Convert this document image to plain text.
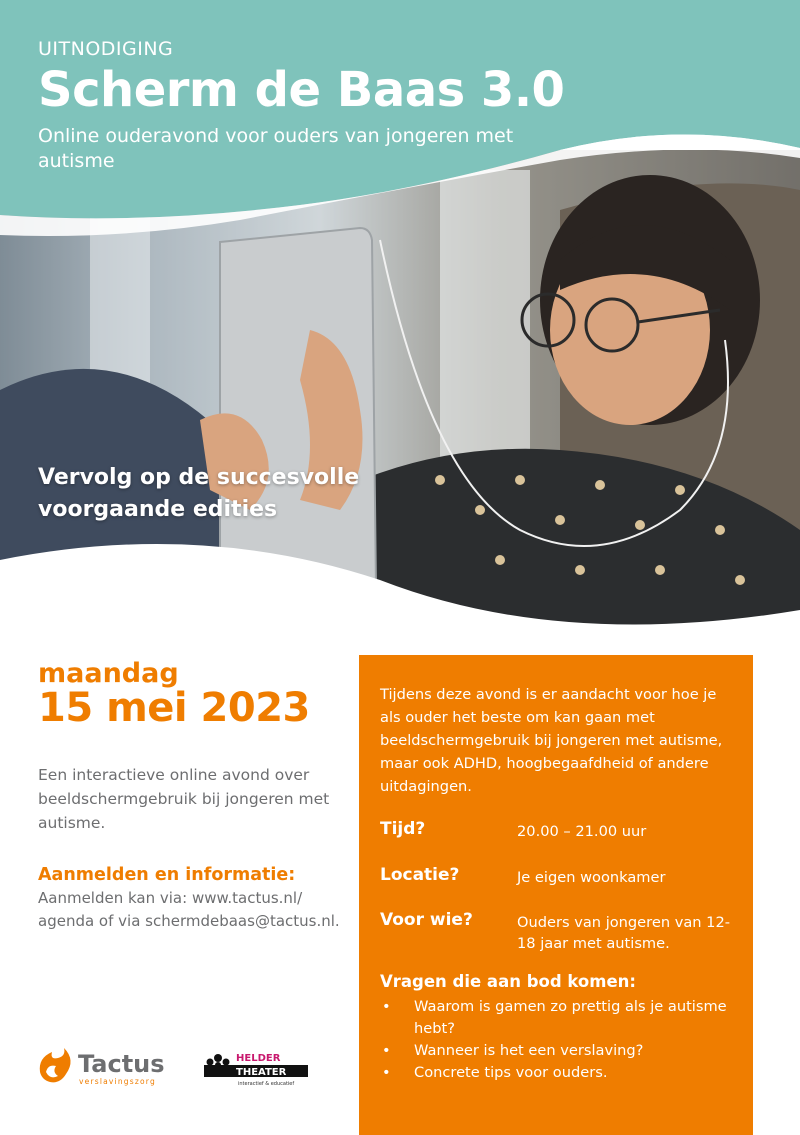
UITNODIGING

Scherm de Baas 3.0

Online ouderavond voor ouders van jongeren met autisme

Vervolg op de succesvolle voorgaande edities

maandag

15 mei 2023

Een interactieve online avond over beeldschermgebruik bij jongeren met autisme.
Aanmelden en informatie:
Aanmelden kan via: www.tactus.nl/ agenda of via schermdebaas@tactus.nl.
Tijdens deze avond is er aandacht voor hoe je als ouder het beste om kan gaan met beeldschermgebruik bij jongeren met autisme, maar ook ADHD, hoogbegaafdheid of andere uitdagingen.
Tijd?	20.00 – 21.00 uur
Locatie?	Je eigen woonkamer
Voor wie?	Ouders van jongeren van 12-18 jaar met autisme.
Vragen die aan bod komen:
• Waarom is gamen zo prettig als je autisme hebt?
• Wanneer is het een verslaving?
• Concrete tips voor ouders.
Tactus
verslavingszorg
HELDER
THEATER
interactief & educatief
